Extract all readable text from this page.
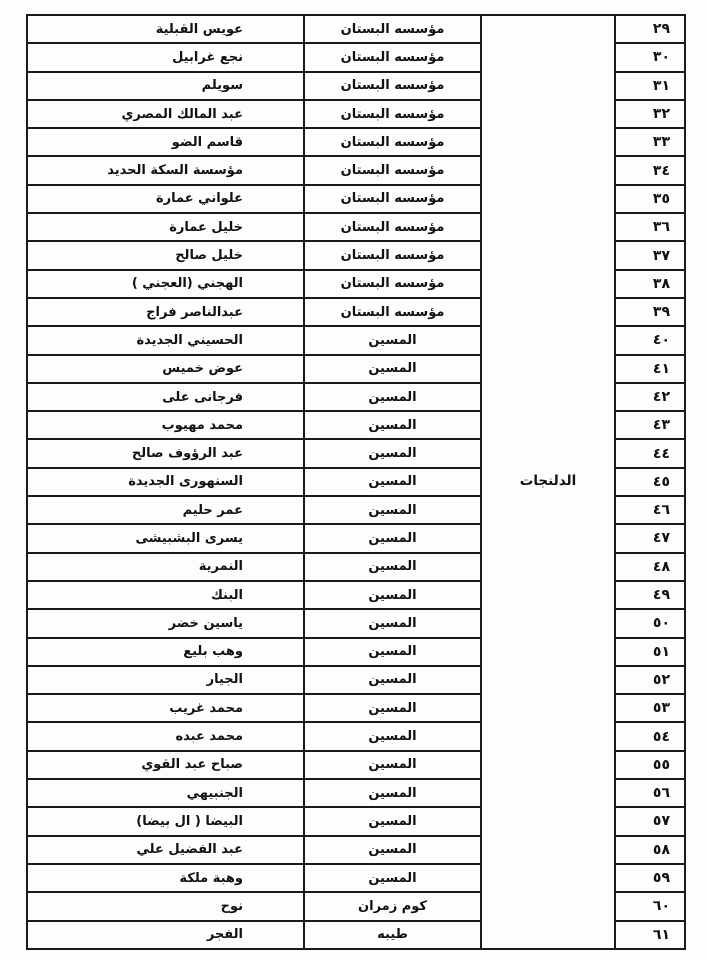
٢٩	الدلنجات	مؤسسه البستان	عويس القبلية
٣٠		مؤسسه البستان	نجع غرابيل
٣١		مؤسسه البستان	سويلم
٣٢		مؤسسه البستان	عبد المالك المصري
٣٣		مؤسسه البستان	قاسم الضو
٣٤		مؤسسه البستان	مؤسسة السكة الحديد
٣٥		مؤسسه البستان	علواني عمارة
٣٦		مؤسسه البستان	خليل عمارة
٣٧		مؤسسه البستان	خليل صالح
٣٨		مؤسسه البستان	الهجني (العجني )
٣٩		مؤسسه البستان	عبدالناصر فراج
٤٠		المسين	الحسيني الجديدة
٤١		المسين	عوض خميس
٤٢		المسين	فرجانى على
٤٣		المسين	محمد مهيوب
٤٤		المسين	عبد الرؤوف صالح
٤٥		المسين	السنهورى الجديدة
٤٦		المسين	عمر حليم
٤٧		المسين	يسرى البشبيشى
٤٨		المسين	النمرية
٤٩		المسين	البنك
٥٠		المسين	ياسين خضر
٥١		المسين	وهب بليع
٥٢		المسين	الجيار
٥٣		المسين	محمد غريب
٥٤		المسين	محمد عبده
٥٥		المسين	صباح عبد القوي
٥٦		المسين	الجنبيهي
٥٧		المسين	البيضا ( ال بيضا)
٥٨		المسين	عبد الفضيل علي
٥٩		المسين	وهبة ملكة
٦٠		كوم زمران	نوح
٦١		طيبه	الفجر
